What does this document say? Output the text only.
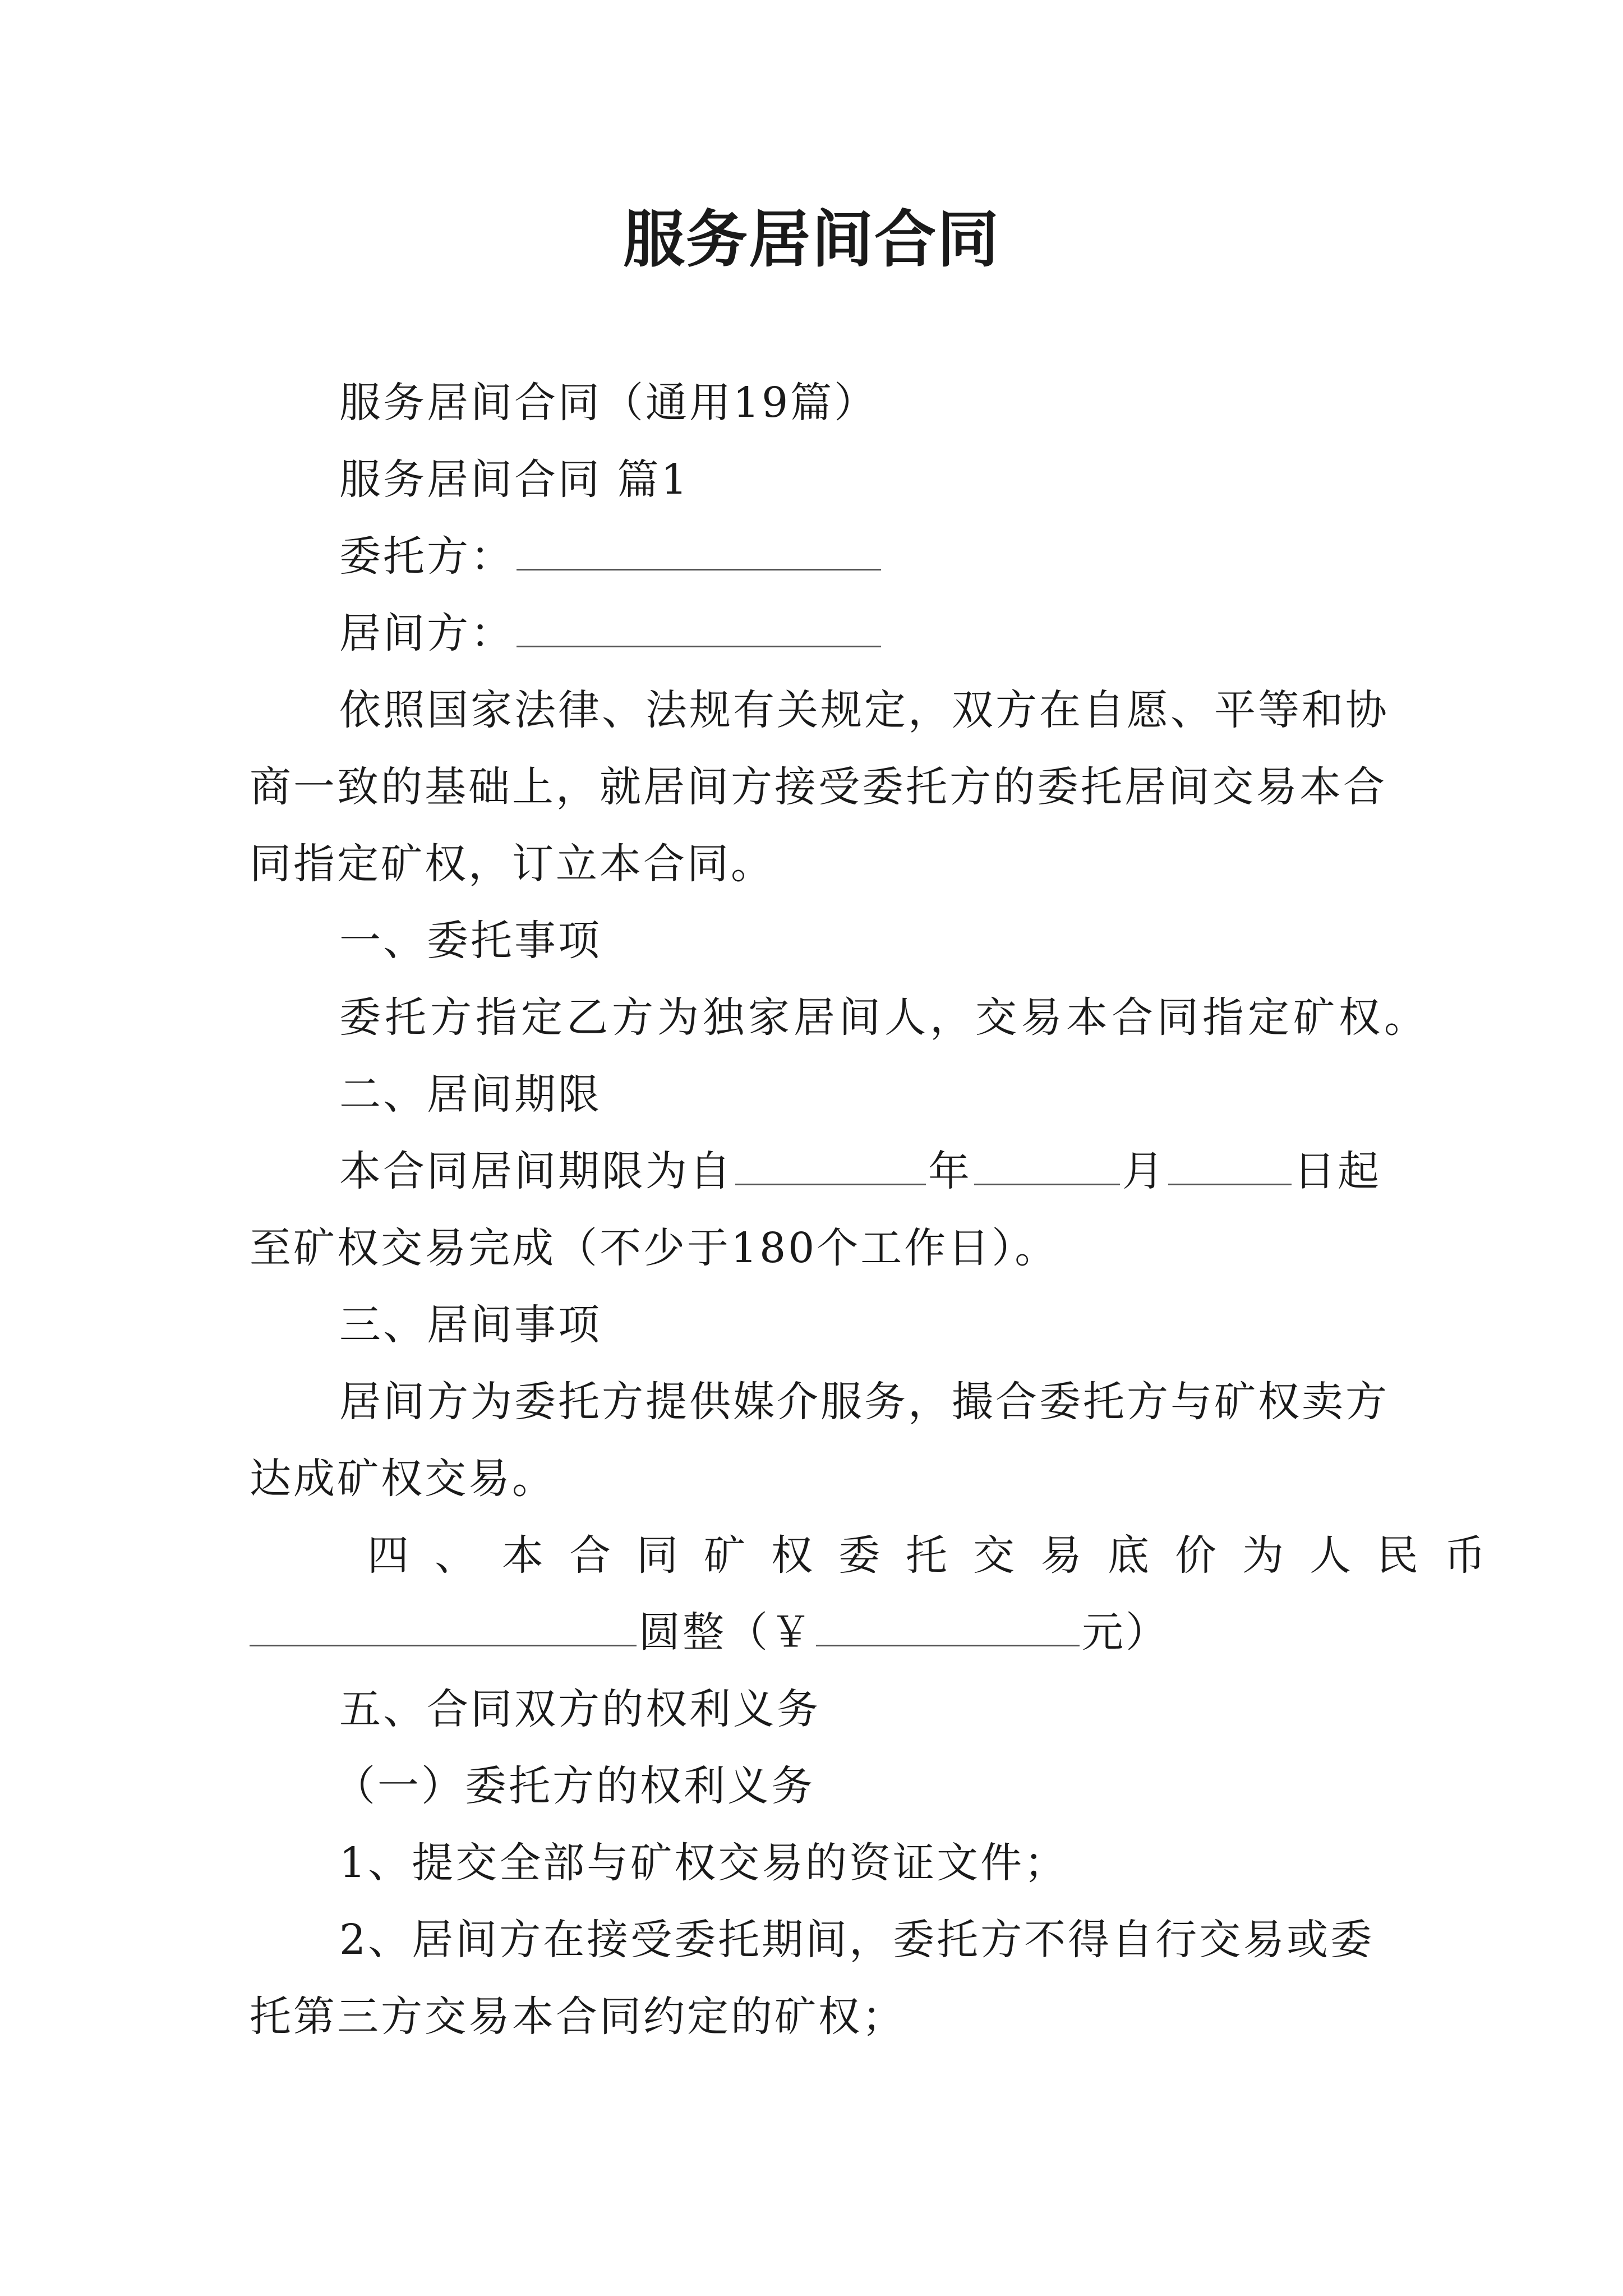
服务居间合同
服务居间合同（通用19篇）
服务居间合同 篇1
委托方：
居间方：
依照国家法律、法规有关规定，双方在自愿、平等和协
商一致的基础上，就居间方接受委托方的委托居间交易本合
同指定矿权，订立本合同。
一、委托事项
委托方指定乙方为独家居间人，交易本合同指定矿权。
二、居间期限
本合同居间期限为自	年	月	日起
至矿权交易完成（不少于180个工作日）。
三、居间事项
居间方为委托方提供媒介服务，撮合委托方与矿权卖方
达成矿权交易。
四、本合同矿权委托交易底价为人民币
圆整（￥	元）
五、合同双方的权利义务
（一）委托方的权利义务
1、提交全部与矿权交易的资证文件；
2、居间方在接受委托期间，委托方不得自行交易或委
托第三方交易本合同约定的矿权；
